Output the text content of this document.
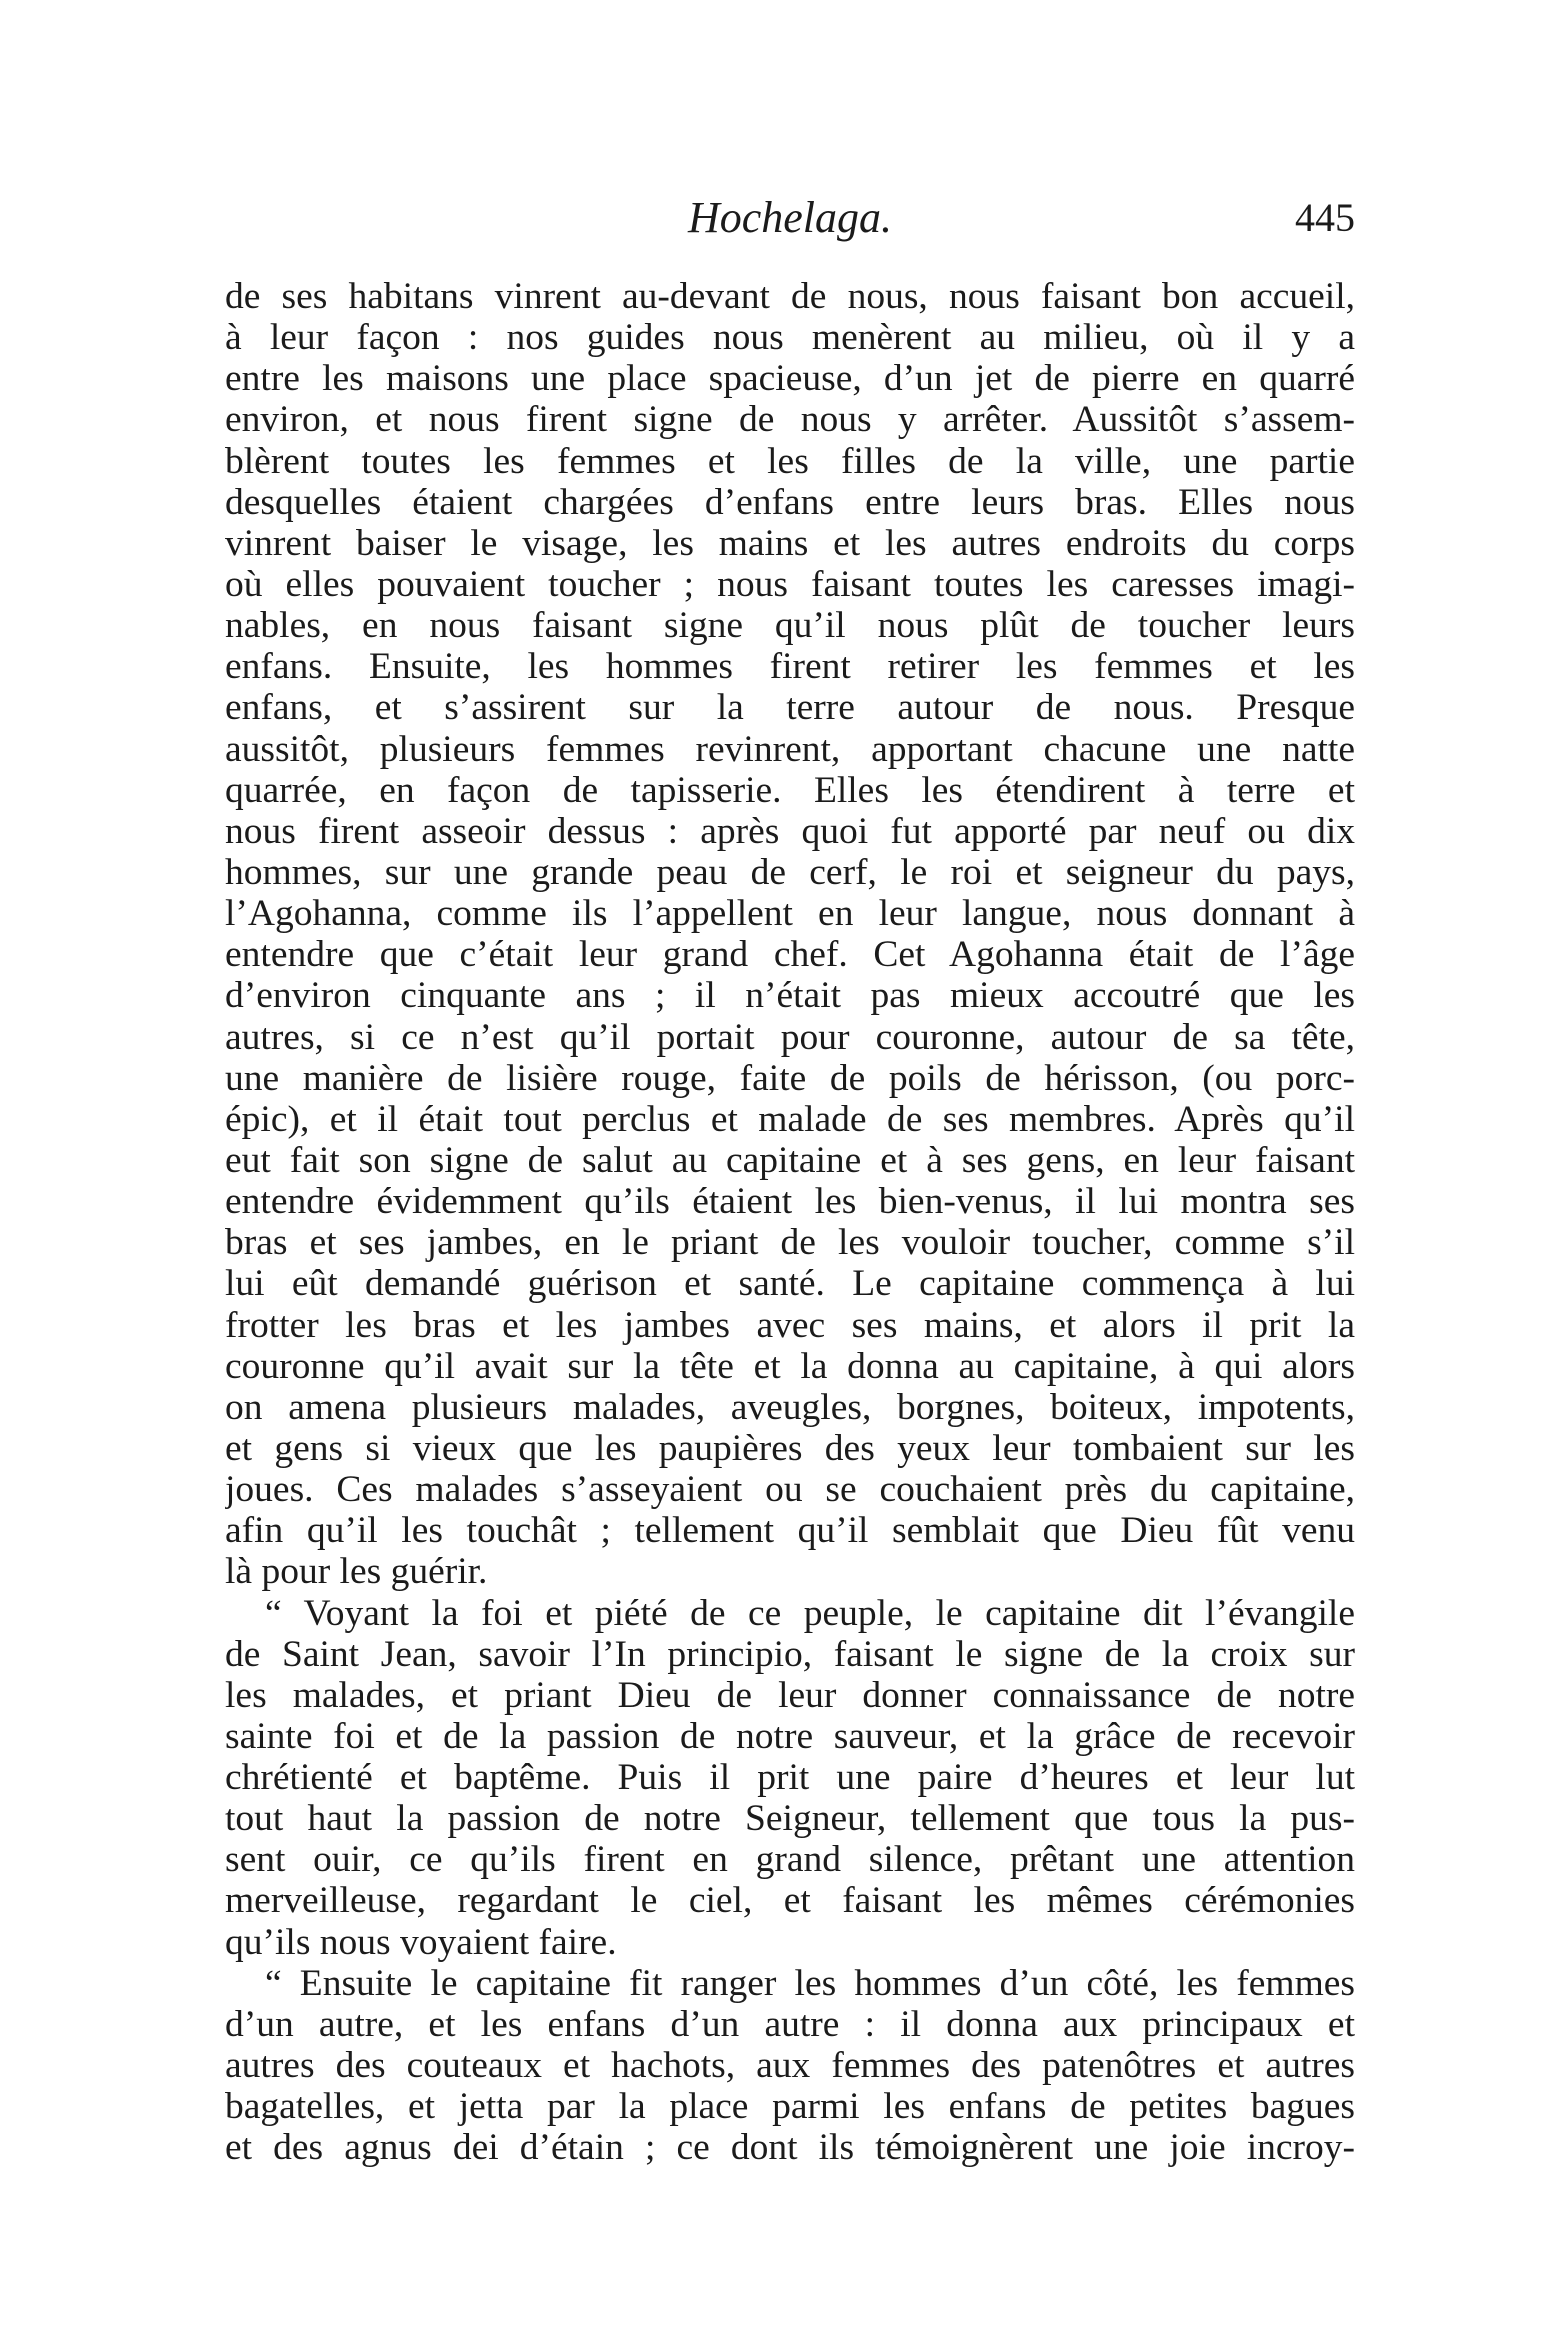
Hochelaga.	445
de ses habitans vinrent au-devant de nous, nous faisant bon accueil,
à leur façon : nos guides nous menèrent au milieu, où il y a
entre les maisons une place spacieuse, d’un jet de pierre en quarré
environ, et nous firent signe de nous y arrêter. Aussitôt s’assem-
blèrent toutes les femmes et les filles de la ville, une partie
desquelles étaient chargées d’enfans entre leurs bras. Elles nous
vinrent baiser le visage, les mains et les autres endroits du corps
où elles pouvaient toucher ; nous faisant toutes les caresses imagi-
nables, en nous faisant signe qu’il nous plût de toucher leurs
enfans. Ensuite, les hommes firent retirer les femmes et les
enfans, et s’assirent sur la terre autour de nous. Presque
aussitôt, plusieurs femmes revinrent, apportant chacune une natte
quarrée, en façon de tapisserie. Elles les étendirent à terre et
nous firent asseoir dessus : après quoi fut apporté par neuf ou dix
hommes, sur une grande peau de cerf, le roi et seigneur du pays,
l’Agohanna, comme ils l’appellent en leur langue, nous donnant à
entendre que c’était leur grand chef. Cet Agohanna était de l’âge
d’environ cinquante ans ; il n’était pas mieux accoutré que les
autres, si ce n’est qu’il portait pour couronne, autour de sa tête,
une manière de lisière rouge, faite de poils de hérisson, (ou porc-
épic), et il était tout perclus et malade de ses membres. Après qu’il
eut fait son signe de salut au capitaine et à ses gens, en leur faisant
entendre évidemment qu’ils étaient les bien-venus, il lui montra ses
bras et ses jambes, en le priant de les vouloir toucher, comme s’il
lui eût demandé guérison et santé. Le capitaine commença à lui
frotter les bras et les jambes avec ses mains, et alors il prit la
couronne qu’il avait sur la tête et la donna au capitaine, à qui alors
on amena plusieurs malades, aveugles, borgnes, boiteux, impotents,
et gens si vieux que les paupières des yeux leur tombaient sur les
joues. Ces malades s’asseyaient ou se couchaient près du capitaine,
afin qu’il les touchât ; tellement qu’il semblait que Dieu fût venu
là pour les guérir.
“ Voyant la foi et piété de ce peuple, le capitaine dit l’évangile
de Saint Jean, savoir l’In principio, faisant le signe de la croix sur
les malades, et priant Dieu de leur donner connaissance de notre
sainte foi et de la passion de notre sauveur, et la grâce de recevoir
chrétienté et baptême. Puis il prit une paire d’heures et leur lut
tout haut la passion de notre Seigneur, tellement que tous la pus-
sent ouir, ce qu’ils firent en grand silence, prêtant une attention
merveilleuse, regardant le ciel, et faisant les mêmes cérémonies
qu’ils nous voyaient faire.
“ Ensuite le capitaine fit ranger les hommes d’un côté, les femmes
d’un autre, et les enfans d’un autre : il donna aux principaux et
autres des couteaux et hachots, aux femmes des patenôtres et autres
bagatelles, et jetta par la place parmi les enfans de petites bagues
et des agnus dei d’étain ; ce dont ils témoignèrent une joie incroy-
